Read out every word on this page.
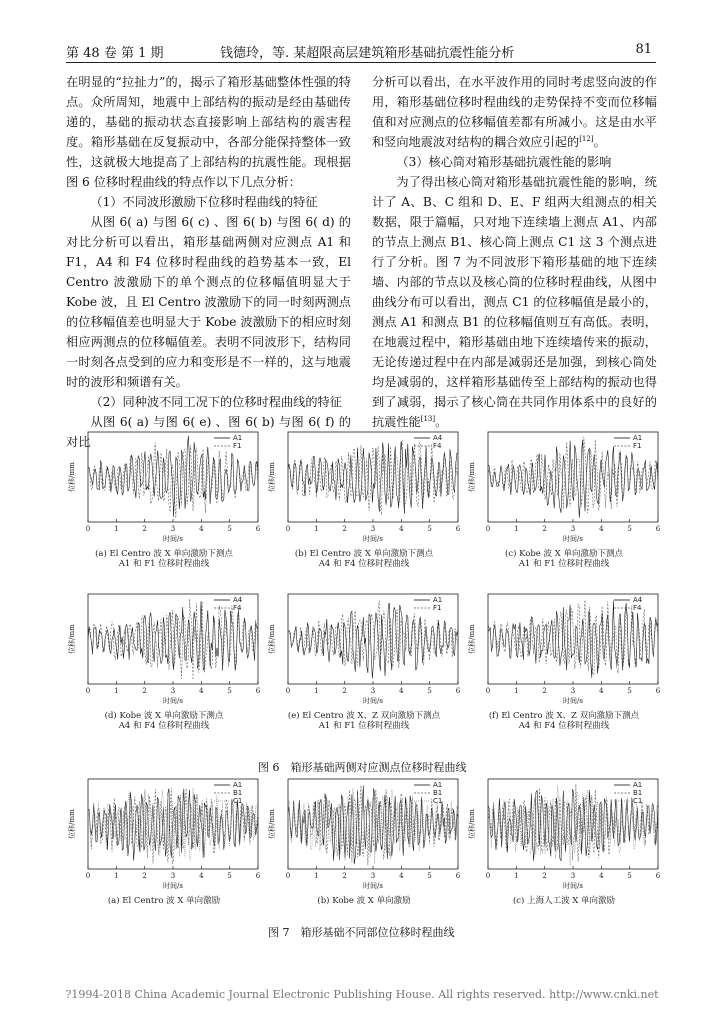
第 48 卷 第 1 期	钱德玲，等. 某超限高层建筑箱形基础抗震性能分析	81

在明显的“拉扯力”的，揭示了箱形基础整体性强的特点。众所周知，地震中上部结构的振动是经由基础传递的，基础的振动状态直接影响上部结构的震害程度。箱形基础在反复振动中，各部分能保持整体一致性，这就极大地提高了上部结构的抗震性能。现根据图 6 位移时程曲线的特点作以下几点分析：

（1）不同波形激励下位移时程曲线的特征

从图 6( a) 与图 6( c) 、图 6( b) 与图 6( d) 的对比分析可以看出，箱形基础两侧对应测点 A1 和 F1，A4 和 F4 位移时程曲线的趋势基本一致，El Centro 波激励下的单个测点的位移幅值明显大于 Kobe 波，且 El Centro 波激励下的同一时刻两测点的位移幅值差也明显大于 Kobe 波激励下的相应时刻相应两测点的位移幅值差。表明不同波形下，结构同一时刻各点受到的应力和变形是不一样的，这与地震时的波形和频谱有关。

（2）同种波不同工况下的位移时程曲线的特征

从图 6( a) 与图 6( e) 、图 6( b) 与图 6( f) 的对比

分析可以看出，在水平波作用的同时考虑竖向波的作用，箱形基础位移时程曲线的走势保持不变而位移幅值和对应测点的位移幅值差都有所减小。这是由水平和竖向地震波对结构的耦合效应引起的[12]。

（3）核心筒对箱形基础抗震性能的影响

为了得出核心筒对箱形基础抗震性能的影响，统计了 A、B、C 组和 D、E、F 组两大组测点的相关数据，限于篇幅，只对地下连续墙上测点 A1、内部的节点上测点 B1、核心筒上测点 C1 这 3 个测点进行了分析。图 7 为不同波形下箱形基础的地下连续墙、内部的节点以及核心筒的位移时程曲线，从图中曲线分布可以看出，测点 C1 的位移幅值是最小的，测点 A1 和测点 B1 的位移幅值则互有高低。表明，在地震过程中，箱形基础由地下连续墙传来的振动，无论传递过程中在内部是减弱还是加强，到核心筒处均是减弱的，这样箱形基础传至上部结构的振动也得到了减弱，揭示了核心筒在共同作用体系中的良好的抗震性能[13]。

位移/mm
0	1	2	3	4	5	6
时间/s
A1
F1
(a) El Centro 波 X 单向激励下测点
A1 和 F1 位移时程曲线
位移/mm
0	1	2	3	4	5	6
时间/s
A4
F4
(b) El Centro 波 X 单向激励下测点
A4 和 F4 位移时程曲线
位移/mm
0	1	2	3	4	5	6
时间/s
A1
F1
(c) Kobe 波 X 单向激励下测点
A1 和 F1 位移时程曲线
位移/mm
0	1	2	3	4	5	6
时间/s
A4
F4
(d) Kobe 波 X 单向激励下测点
A4 和 F4 位移时程曲线
位移/mm
0	1	2	3	4	5	6
时间/s
A1
F1
(e) El Centro 波 X、Z 双向激励下测点
A1 和 F1 位移时程曲线
位移/mm
0	1	2	3	4	5	6
时间/s
A4
F4
(f) El Centro 波 X、Z 双向激励下测点
A4 和 F4 位移时程曲线
图 6　箱形基础两侧对应测点位移时程曲线
位移/mm
0	1	2	3	4	5	6
时间/s
A1
B1
C1
(a) El Centro 波 X 单向激励
位移/mm
0	1	2	3	4	5	6
时间/s
A1
B1
C1
(b) Kobe 波 X 单向激励
位移/mm
0	1	2	3	4	5	6
时间/s
A1
B1
C1
(c) 上海人工波 X 单向激励
图 7　箱形基础不同部位位移时程曲线
?1994-2018 China Academic Journal Electronic Publishing House. All rights reserved. http://www.cnki.net
